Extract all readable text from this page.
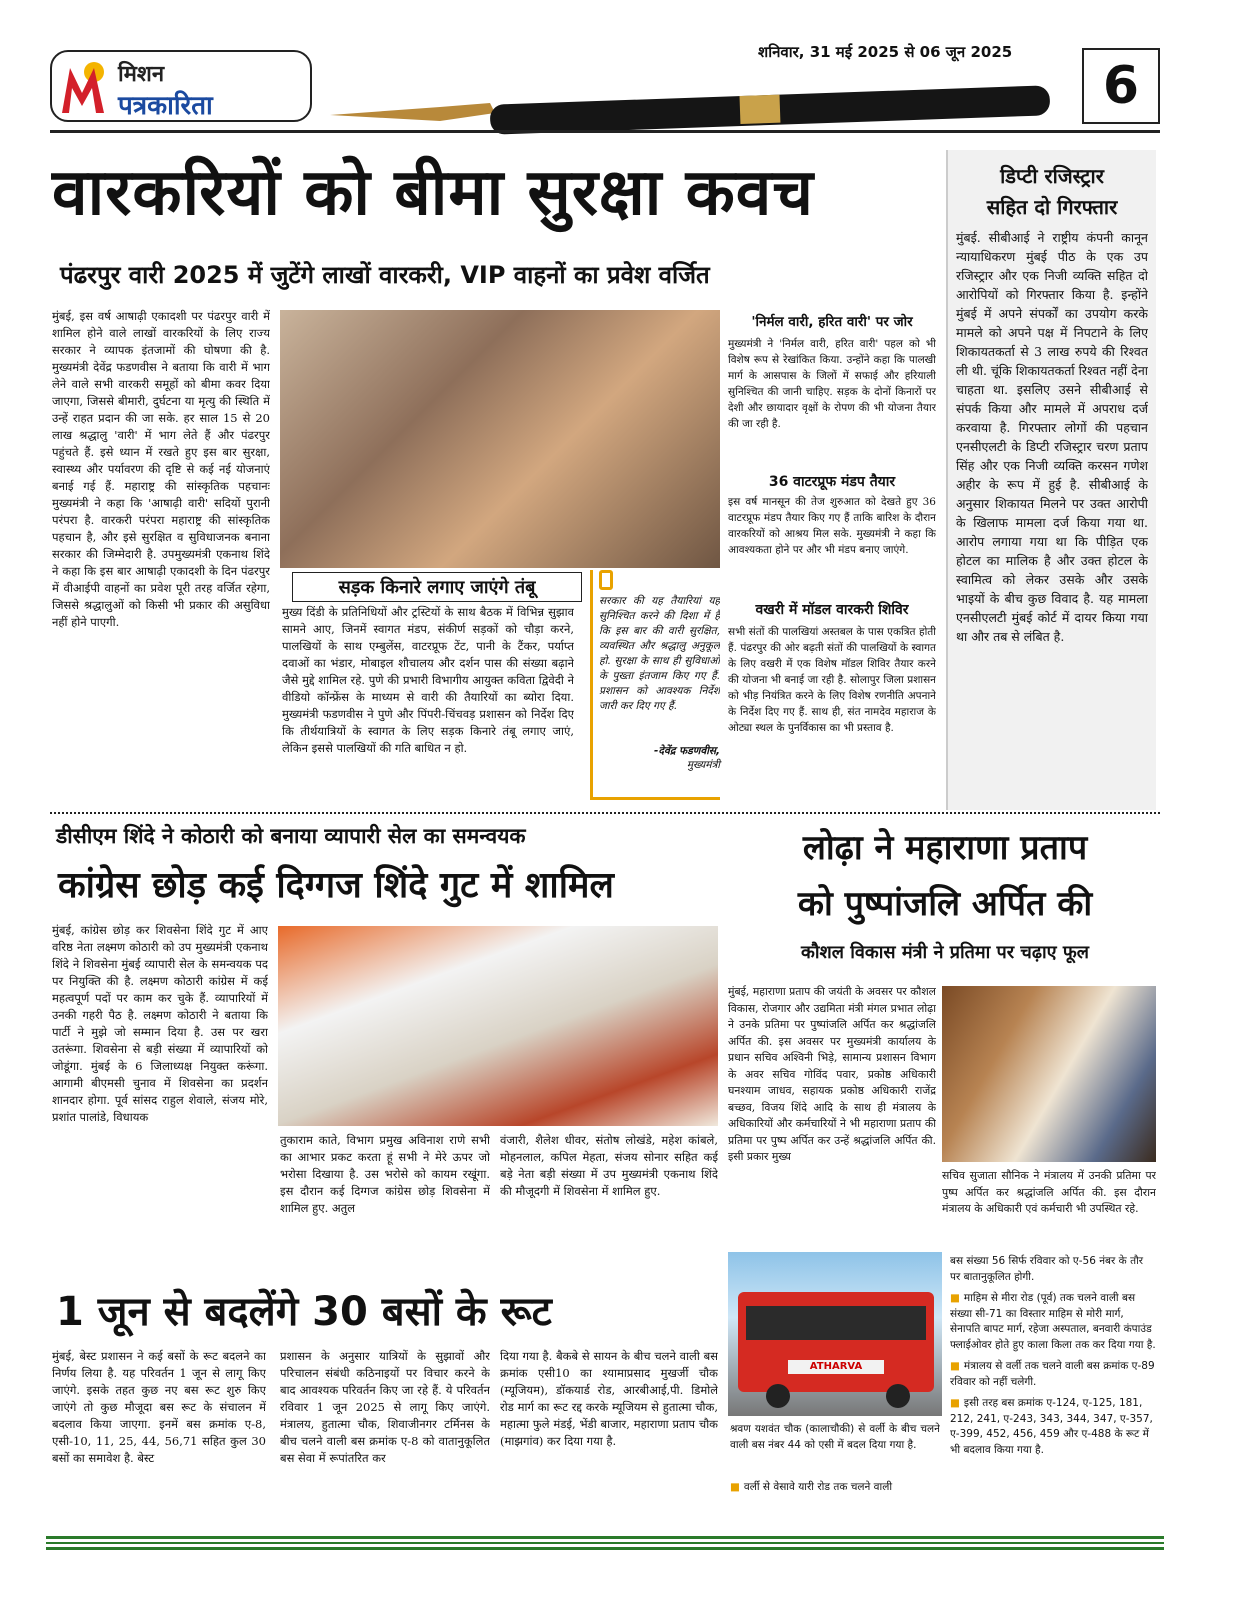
मिशन
पत्रकारिता
शनिवार, 31 मई 2025 से 06 जून 2025
6
वारकरियों को बीमा सुरक्षा कवच
पंढरपुर वारी 2025 में जुटेंगे लाखों वारकरी, VIP वाहनों का प्रवेश वर्जित
मुंबई, इस वर्ष आषाढ़ी एकादशी पर पंढरपुर वारी में शामिल होने वाले लाखों वारकरियों के लिए राज्य सरकार ने व्यापक इंतजामों की घोषणा की है. मुख्यमंत्री देवेंद्र फडणवीस ने बताया कि वारी में भाग लेने वाले सभी वारकरी समूहों को बीमा कवर दिया जाएगा, जिससे बीमारी, दुर्घटना या मृत्यु की स्थिति में उन्हें राहत प्रदान की जा सके. हर साल 15 से 20 लाख श्रद्धालु 'वारी' में भाग लेते हैं और पंढरपुर पहुंचते हैं. इसे ध्यान में रखते हुए इस बार सुरक्षा, स्वास्थ्य और पर्यावरण की दृष्टि से कई नई योजनाएं बनाई गई हैं. महाराष्ट्र की सांस्कृतिक पहचानः मुख्यमंत्री ने कहा कि 'आषाढ़ी वारी' सदियों पुरानी परंपरा है. वारकरी परंपरा महाराष्ट्र की सांस्कृतिक पहचान है, और इसे सुरक्षित व सुविधाजनक बनाना सरकार की जिम्मेदारी है. उपमुख्यमंत्री एकनाथ शिंदे ने कहा कि इस बार आषाढ़ी एकादशी के दिन पंढरपुर में वीआईपी वाहनों का प्रवेश पूरी तरह वर्जित रहेगा, जिससे श्रद्धालुओं को किसी भी प्रकार की असुविधा नहीं होने पाएगी.
सड़क किनारे लगाए जाएंगे तंबू
मुख्य दिंडी के प्रतिनिधियों और ट्रस्टियों के साथ बैठक में विभिन्न सुझाव सामने आए, जिनमें स्वागत मंडप, संकीर्ण सड़कों को चौड़ा करने, पालखियों के साथ एम्बुलेंस, वाटरप्रूफ टेंट, पानी के टैंकर, पर्याप्त दवाओं का भंडार, मोबाइल शौचालय और दर्शन पास की संख्या बढ़ाने जैसे मुद्दे शामिल रहे. पुणे की प्रभारी विभागीय आयुक्त कविता द्विवेदी ने वीडियो कॉन्फ्रेंस के माध्यम से वारी की तैयारियों का ब्योरा दिया. मुख्यमंत्री फडणवीस ने पुणे और पिंपरी-चिंचवड़ प्रशासन को निर्देश दिए कि तीर्थयात्रियों के स्वागत के लिए सड़क किनारे तंबू लगाए जाएं, लेकिन इससे पालखियों की गति बाधित न हो.
सरकार की यह तैयारियां यह सुनिश्चित करने की दिशा में हैं कि इस बार की वारी सुरक्षित, व्यवस्थित और श्रद्धालु अनुकूल हो. सुरक्षा के साथ ही सुविधाओं के पुख्ता इंतजाम किए गए हैं. प्रशासन को आवश्यक निर्देश जारी कर दिए गए हैं.
-देवेंद्र फडणवीस,
मुख्यमंत्री
'निर्मल वारी, हरित वारी' पर जोर
मुख्यमंत्री ने 'निर्मल वारी, हरित वारी' पहल को भी विशेष रूप से रेखांकित किया. उन्होंने कहा कि पालखी मार्ग के आसपास के जिलों में सफाई और हरियाली सुनिश्चित की जानी चाहिए. सड़क के दोनों किनारों पर देशी और छायादार वृक्षों के रोपण की भी योजना तैयार की जा रही है.
36 वाटरप्रूफ मंडप तैयार
इस वर्ष मानसून की तेज शुरुआत को देखते हुए 36 वाटरप्रूफ मंडप तैयार किए गए हैं ताकि बारिश के दौरान वारकरियों को आश्रय मिल सके. मुख्यमंत्री ने कहा कि आवश्यकता होने पर और भी मंडप बनाए जाएंगे.
वखरी में मॉडल वारकरी शिविर
सभी संतों की पालखियां अस्तबल के पास एकत्रित होती हैं. पंढरपुर की ओर बढ़ती संतों की पालखियों के स्वागत के लिए वखरी में एक विशेष मॉडल शिविर तैयार करने की योजना भी बनाई जा रही है. सोलापुर जिला प्रशासन को भीड़ नियंत्रित करने के लिए विशेष रणनीति अपनाने के निर्देश दिए गए हैं. साथ ही, संत नामदेव महाराज के ओट्या स्थल के पुनर्विकास का भी प्रस्ताव है.
डिप्टी रजिस्ट्रार
सहित दो गिरफ्तार
मुंबई. सीबीआई ने राष्ट्रीय कंपनी कानून न्यायाधिकरण मुंबई पीठ के एक उप रजिस्ट्रार और एक निजी व्यक्ति सहित दो आरोपियों को गिरफ्तार किया है. इन्होंने मुंबई में अपने संपर्कों का उपयोग करके मामले को अपने पक्ष में निपटाने के लिए शिकायतकर्ता से 3 लाख रुपये की रिश्वत ली थी. चूंकि शिकायतकर्ता रिश्वत नहीं देना चाहता था. इसलिए उसने सीबीआई से संपर्क किया और मामले में अपराध दर्ज करवाया है. गिरफ्तार लोगों की पहचान एनसीएलटी के डिप्टी रजिस्ट्रार चरण प्रताप सिंह और एक निजी व्यक्ति करसन गणेश अहीर के रूप में हुई है. सीबीआई के अनुसार शिकायत मिलने पर उक्त आरोपी के खिलाफ मामला दर्ज किया गया था. आरोप लगाया गया था कि पीड़ित एक होटल का मालिक है और उक्त होटल के स्वामित्व को लेकर उसके और उसके भाइयों के बीच कुछ विवाद है. यह मामला एनसीएलटी मुंबई कोर्ट में दायर किया गया था और तब से लंबित है.
डीसीएम शिंदे ने कोठारी को बनाया व्यापारी सेल का समन्वयक
कांग्रेस छोड़ कई दिग्गज शिंदे गुट में शामिल
मुंबई, कांग्रेस छोड़ कर शिवसेना शिंदे गुट में आए वरिष्ठ नेता लक्ष्मण कोठारी को उप मुख्यमंत्री एकनाथ शिंदे ने शिवसेना मुंबई व्यापारी सेल के समन्वयक पद पर नियुक्ति की है. लक्ष्मण कोठारी कांग्रेस में कई महत्वपूर्ण पदों पर काम कर चुके हैं. व्यापारियों में उनकी गहरी पैठ है. लक्ष्मण कोठारी ने बताया कि पार्टी ने मुझे जो सम्मान दिया है. उस पर खरा उतरूंगा. शिवसेना से बड़ी संख्या में व्यापारियों को जोडूंगा. मुंबई के 6 जिलाध्यक्ष नियुक्त करूंगा. आगामी बीएमसी चुनाव में शिवसेना का प्रदर्शन शानदार होगा. पूर्व सांसद राहुल शेवाले, संजय मोरे, प्रशांत पालांडे, विधायक
तुकाराम काते, विभाग प्रमुख अविनाश राणे सभी का आभार प्रकट करता हूं सभी ने मेरे ऊपर जो भरोसा दिखाया है. उस भरोसे को कायम रखूंगा. इस दौरान कई दिग्गज कांग्रेस छोड़ शिवसेना में शामिल हुए. अतुल
वंजारी, शैलेश धीवर, संतोष लोखंडे, महेश कांबले, मोहनलाल, कपिल मेहता, संजय सोनार सहित कई बड़े नेता बड़ी संख्या में उप मुख्यमंत्री एकनाथ शिंदे की मौजूदगी में शिवसेना में शामिल हुए.
लोढ़ा ने महाराणा प्रताप
को पुष्पांजलि अर्पित की
कौशल विकास मंत्री ने प्रतिमा पर चढ़ाए फूल
मुंबई, महाराणा प्रताप की जयंती के अवसर पर कौशल विकास, रोजगार और उद्यमिता मंत्री मंगल प्रभात लोढ़ा ने उनके प्रतिमा पर पुष्पांजलि अर्पित कर श्रद्धांजलि अर्पित की. इस अवसर पर मुख्यमंत्री कार्यालय के प्रधान सचिव अश्विनी भिड़े, सामान्य प्रशासन विभाग के अवर सचिव गोविंद पवार, प्रकोष्ठ अधिकारी घनश्याम जाधव, सहायक प्रकोष्ठ अधिकारी राजेंद्र बच्छव, विजय शिंदे आदि के साथ ही मंत्रालय के अधिकारियों और कर्मचारियों ने भी महाराणा प्रताप की प्रतिमा पर पुष्प अर्पित कर उन्हें श्रद्धांजलि अर्पित की. इसी प्रकार मुख्य
सचिव सुजाता सौनिक ने मंत्रालय में उनकी प्रतिमा पर पुष्प अर्पित कर श्रद्धांजलि अर्पित की. इस दौरान मंत्रालय के अधिकारी एवं कर्मचारी भी उपस्थित रहे.
1 जून से बदलेंगे 30 बसों के रूट
मुंबई, बेस्ट प्रशासन ने कई बसों के रूट बदलने का निर्णय लिया है. यह परिवर्तन 1 जून से लागू किए जाएंगे. इसके तहत कुछ नए बस रूट शुरु किए जाएंगे तो कुछ मौजूदा बस रूट के संचालन में बदलाव किया जाएगा. इनमें बस क्रमांक ए-8, एसी-10, 11, 25, 44, 56,71 सहित कुल 30 बसों का समावेश है. बेस्ट
प्रशासन के अनुसार यात्रियों के सुझावों और परिचालन संबंधी कठिनाइयों पर विचार करने के बाद आवश्यक परिवर्तन किए जा रहे हैं. ये परिवर्तन रविवार 1 जून 2025 से लागू किए जाएंगे. मंत्रालय, हुतात्मा चौक, शिवाजीनगर टर्मिनस के बीच चलने वाली बस क्रमांक ए-8 को वातानुकूलित बस सेवा में रूपांतरित कर
दिया गया है. बैकबे से सायन के बीच चलने वाली बस क्रमांक एसी10 का श्यामाप्रसाद मुखर्जी चौक (म्यूजियम), डॉकयार्ड रोड, आरबीआई,पी. डिमोले रोड मार्ग का रूट रद्द करके म्यूजियम से हुतात्मा चौक, महात्मा फुले मंडई, भेंडी बाजार, महाराणा प्रताप चौक (माझगांव) कर दिया गया है.
ATHARVA
श्रवण यशवंत चौक (कालाचौकी) से वर्ली के बीच चलने वाली बस नंबर 44 को एसी में बदल दिया गया है.
■ वर्ली से वेसावे यारी रोड तक चलने वाली
बस संख्या 56 सिर्फ रविवार को ए-56 नंबर के तौर पर बातानुकूलित होगी.
■ माहिम से मीरा रोड (पूर्व) तक चलने वाली बस संख्या सी-71 का विस्तार माहिम से मोरी मार्ग, सेनापति बापट मार्ग, रहेजा अस्पताल, बनवारी कंपाउंड फ्लाईओवर होते हुए काला किला तक कर दिया गया है.
■ मंत्रालय से वर्ली तक चलने वाली बस क्रमांक ए-89 रविवार को नहीं चलेगी.
■ इसी तरह बस क्रमांक ए-124, ए-125, 181, 212, 241, ए-243, 343, 344, 347, ए-357, ए-399, 452, 456, 459 और ए-488 के रूट में भी बदलाव किया गया है.
